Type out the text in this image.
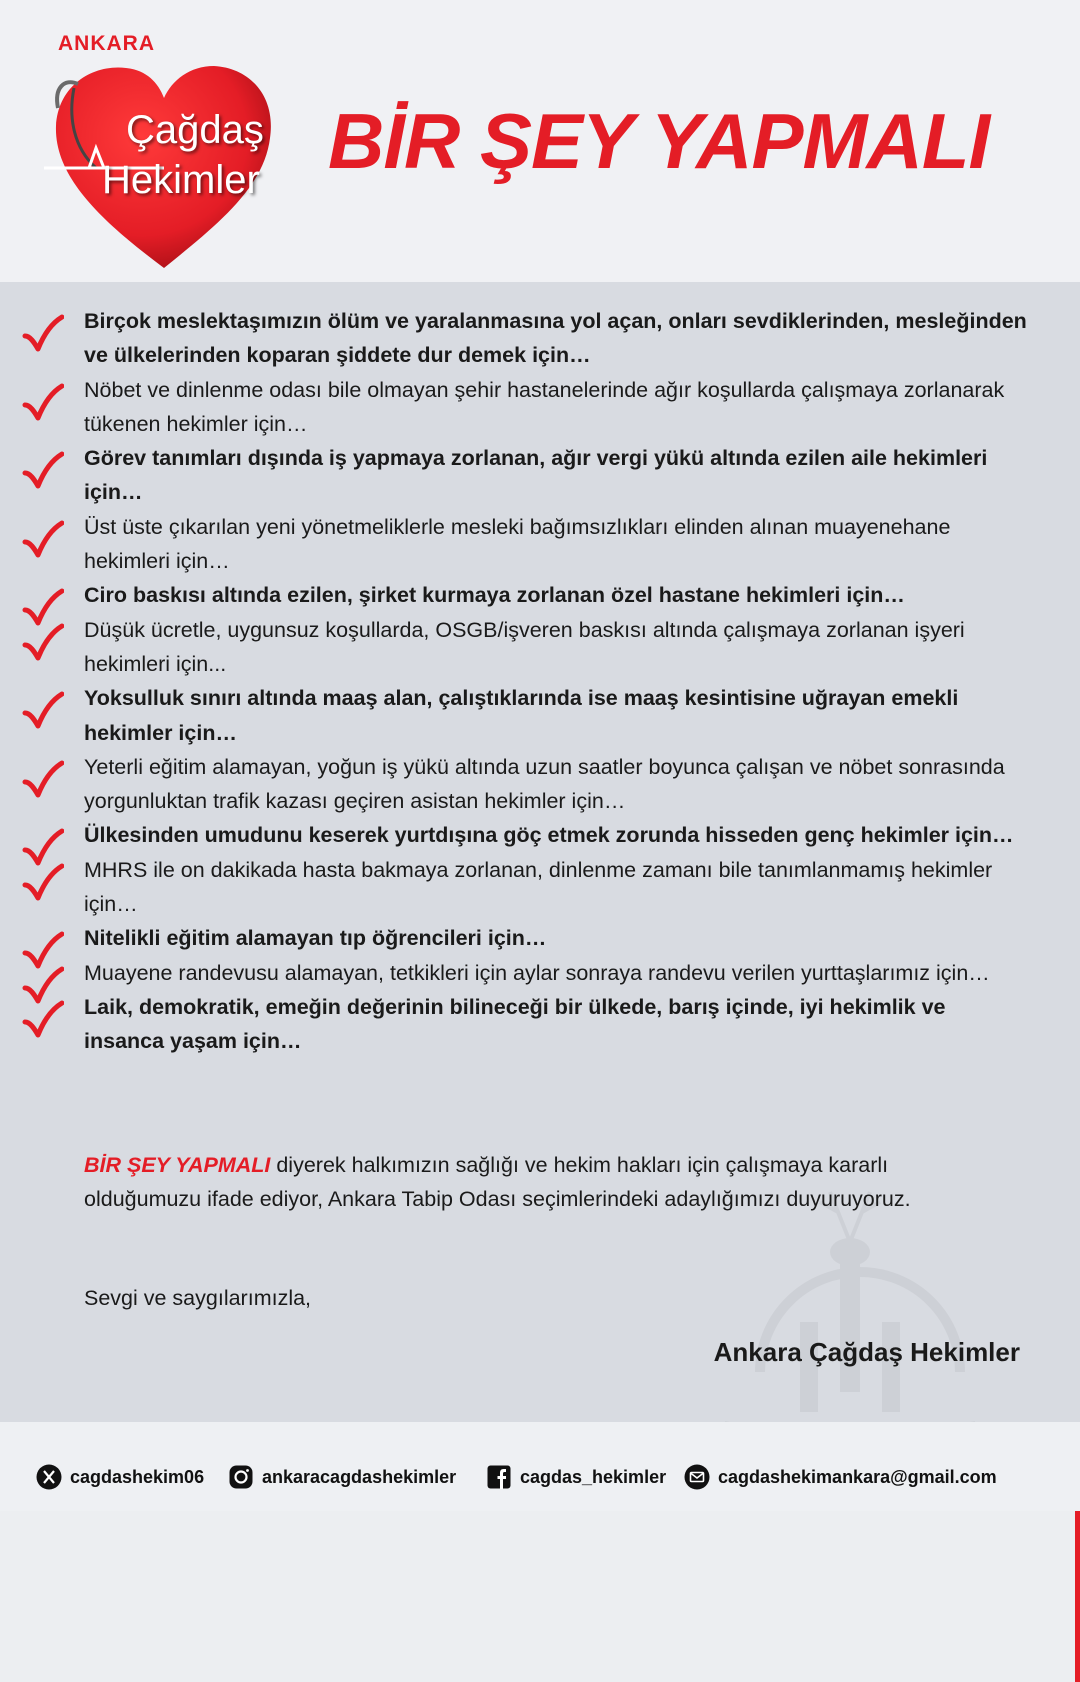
ANKARA
Çağdaş
Hekimler BİR ŞEY YAPMALI
Birçok meslektaşımızın ölüm ve yaralanmasına yol açan, onları sevdiklerinden, mesleğinden ve ülkelerinden koparan şiddete dur demek için…
Nöbet ve dinlenme odası bile olmayan şehir hastanelerinde ağır koşullarda çalışmaya zorlanarak tükenen hekimler için…
Görev tanımları dışında iş yapmaya zorlanan, ağır vergi yükü altında ezilen aile hekimleri için…
Üst üste çıkarılan yeni yönetmeliklerle mesleki bağımsızlıkları elinden alınan muayenehane hekimleri için…
Ciro baskısı altında ezilen, şirket kurmaya zorlanan özel hastane hekimleri için…
Düşük ücretle, uygunsuz koşullarda, OSGB/işveren baskısı altında çalışmaya zorlanan işyeri hekimleri için...
Yoksulluk sınırı altında maaş alan, çalıştıklarında ise maaş kesintisine uğrayan emekli hekimler için…
Yeterli eğitim alamayan, yoğun iş yükü altında uzun saatler boyunca çalışan ve nöbet sonrasında yorgunluktan trafik kazası geçiren asistan hekimler için…
Ülkesinden umudunu keserek yurtdışına göç etmek zorunda hisseden genç hekimler için…
MHRS ile on dakikada hasta bakmaya zorlanan, dinlenme zamanı bile tanımlanmamış hekimler için…
Nitelikli eğitim alamayan tıp öğrencileri için…
Muayene randevusu alamayan, tetkikleri için aylar sonraya randevu verilen yurttaşlarımız için…
Laik, demokratik, emeğin değerinin bilineceği bir ülkede, barış içinde, iyi hekimlik ve insanca yaşam için…
BİR ŞEY YAPMALI diyerek halkımızın sağlığı ve hekim hakları için çalışmaya kararlı olduğumuzu ifade ediyor, Ankara Tabip Odası seçimlerindeki adaylığımızı duyuruyoruz.
Sevgi ve saygılarımızla,
Ankara Çağdaş Hekimler
cagdashekim06	ankaracagdashekimler	cagdas_hekimler	cagdashekimankara@gmail.com
